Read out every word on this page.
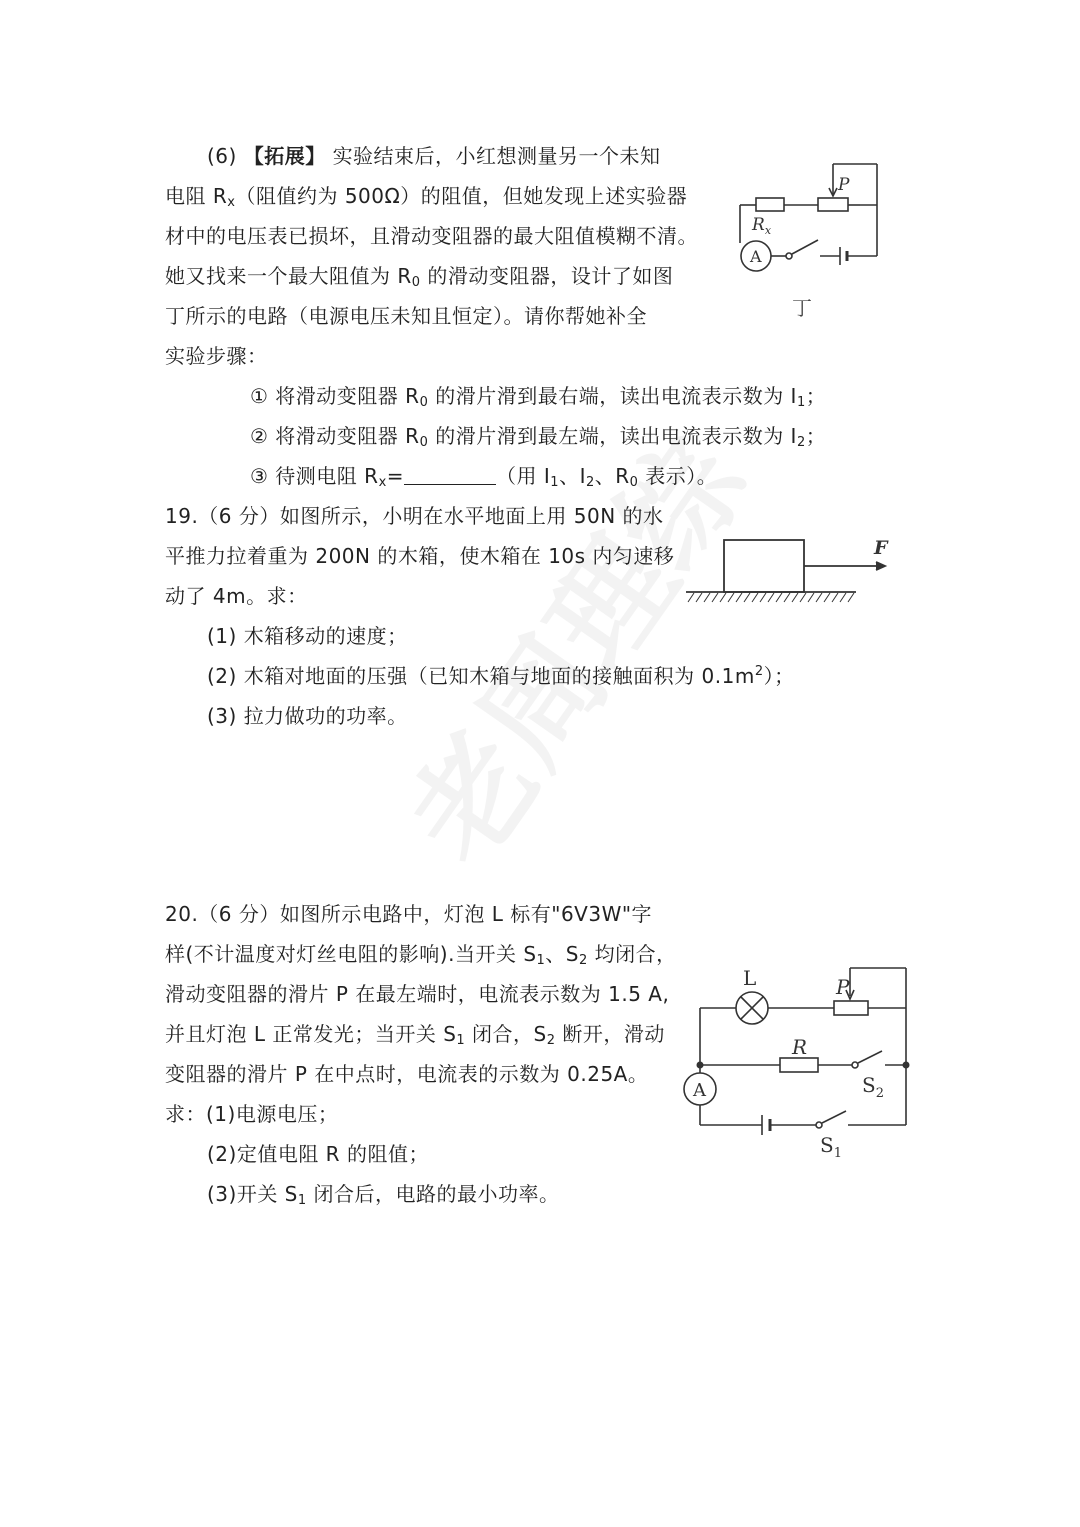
(6) 【拓展】 实验结束后，小红想测量另一个未知
电阻 $R_x$（阻值约为 500Ω）的阻值，但她发现上述实验器
材中的电压表已损坏，且滑动变阻器的最大阻值模糊不清。
她又找来一个最大阻值为 $R_0$ 的滑动变阻器，设计了如图
丁所示的电路（电源电压未知且恒定）。请你帮她补全
实验步骤：
① 将滑动变阻器 $R_0$ 的滑片滑到最右端，读出电流表示数为 $I_1$；
② 将滑动变阻器 $R_0$ 的滑片滑到最左端，读出电流表示数为 $I_2$；
③ 待测电阻 $R_x=$	（用 $I_1$、$I_2$、$R_0$ 表示）。
$R_x$
P
A
丁
19.（6 分）如图所示，小明在水平地面上用 50N 的水
平推力拉着重为 200N 的木箱，使木箱在 10s 内匀速移
动了 4m。求：
(1) 木箱移动的速度；
(2) 木箱对地面的压强（已知木箱与地面的接触面积为 $0.1m^2$）；
(3) 拉力做功的功率。
F
20.（6 分）如图所示电路中，灯泡 L 标有"6V3W"字
样(不计温度对灯丝电阻的影响).当开关 $S_1$、$S_2$ 均闭合，
滑动变阻器的滑片 P 在最左端时，电流表示数为 1.5 A,
并且灯泡 L 正常发光；当开关 $S_1$ 闭合，$S_2$ 断开，滑动
变阻器的滑片 P 在中点时，电流表的示数为 0.25A。
求：(1)电源电压；
(2)定值电阻 R 的阻值；
(3)开关 $S_1$ 闭合后，电路的最小功率。
L	P
R
A	$S_2$
$S_1$
